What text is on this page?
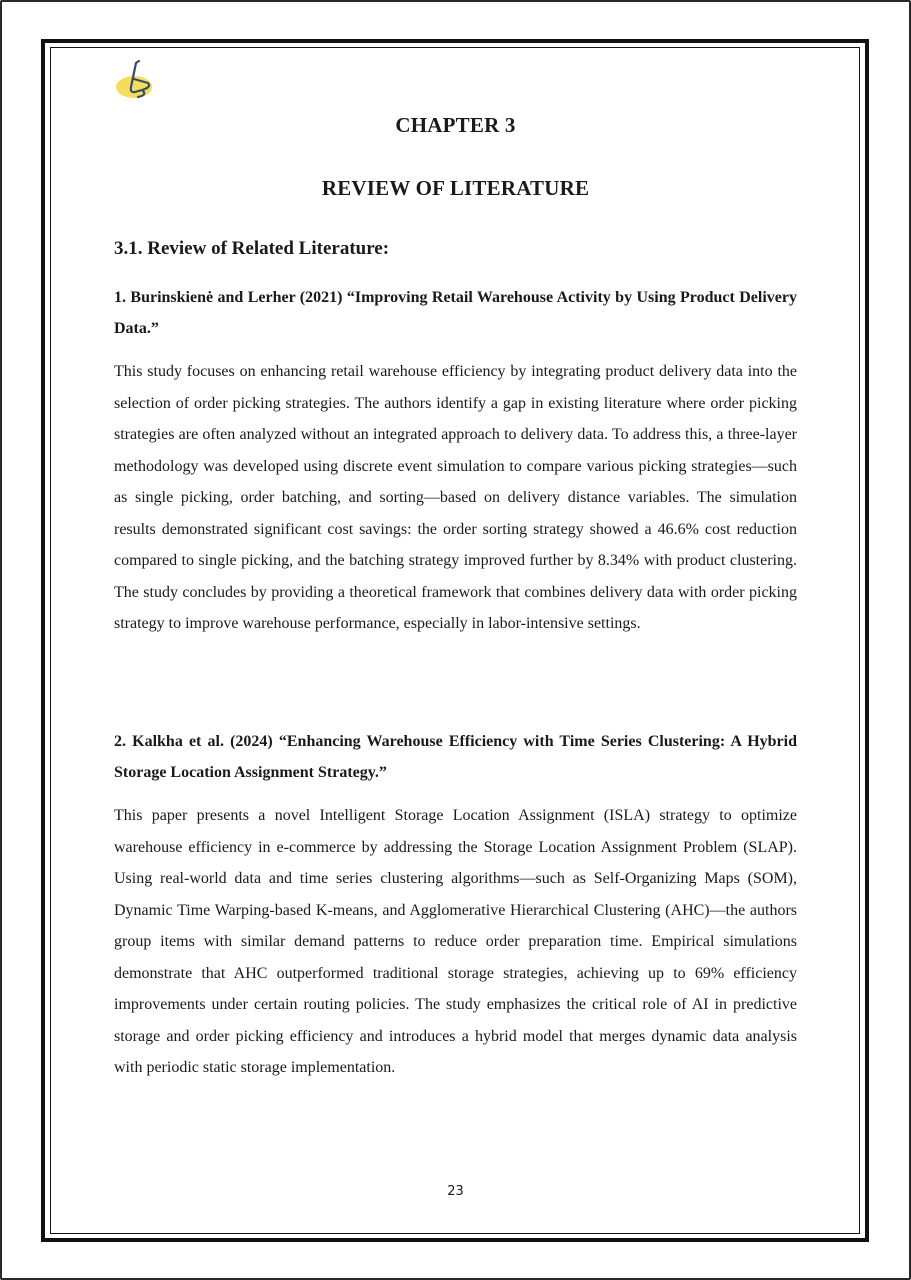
CHAPTER 3
REVIEW OF LITERATURE
3.1. Review of Related Literature:
1. Burinskienė and Lerher (2021) “Improving Retail Warehouse Activity by Using Product Delivery Data.”
This study focuses on enhancing retail warehouse efficiency by integrating product delivery data into the selection of order picking strategies. The authors identify a gap in existing literature where order picking strategies are often analyzed without an integrated approach to delivery data. To address this, a three-layer methodology was developed using discrete event simulation to compare various picking strategies—such as single picking, order batching, and sorting—based on delivery distance variables. The simulation results demonstrated significant cost savings: the order sorting strategy showed a 46.6% cost reduction compared to single picking, and the batching strategy improved further by 8.34% with product clustering. The study concludes by providing a theoretical framework that combines delivery data with order picking strategy to improve warehouse performance, especially in labor-intensive settings.
2. Kalkha et al. (2024) “Enhancing Warehouse Efficiency with Time Series Clustering: A Hybrid Storage Location Assignment Strategy.”
This paper presents a novel Intelligent Storage Location Assignment (ISLA) strategy to optimize warehouse efficiency in e-commerce by addressing the Storage Location Assignment Problem (SLAP). Using real-world data and time series clustering algorithms—such as Self-Organizing Maps (SOM), Dynamic Time Warping-based K-means, and Agglomerative Hierarchical Clustering (AHC)—the authors group items with similar demand patterns to reduce order preparation time. Empirical simulations demonstrate that AHC outperformed traditional storage strategies, achieving up to 69% efficiency improvements under certain routing policies. The study emphasizes the critical role of AI in predictive storage and order picking efficiency and introduces a hybrid model that merges dynamic data analysis with periodic static storage implementation.
23
